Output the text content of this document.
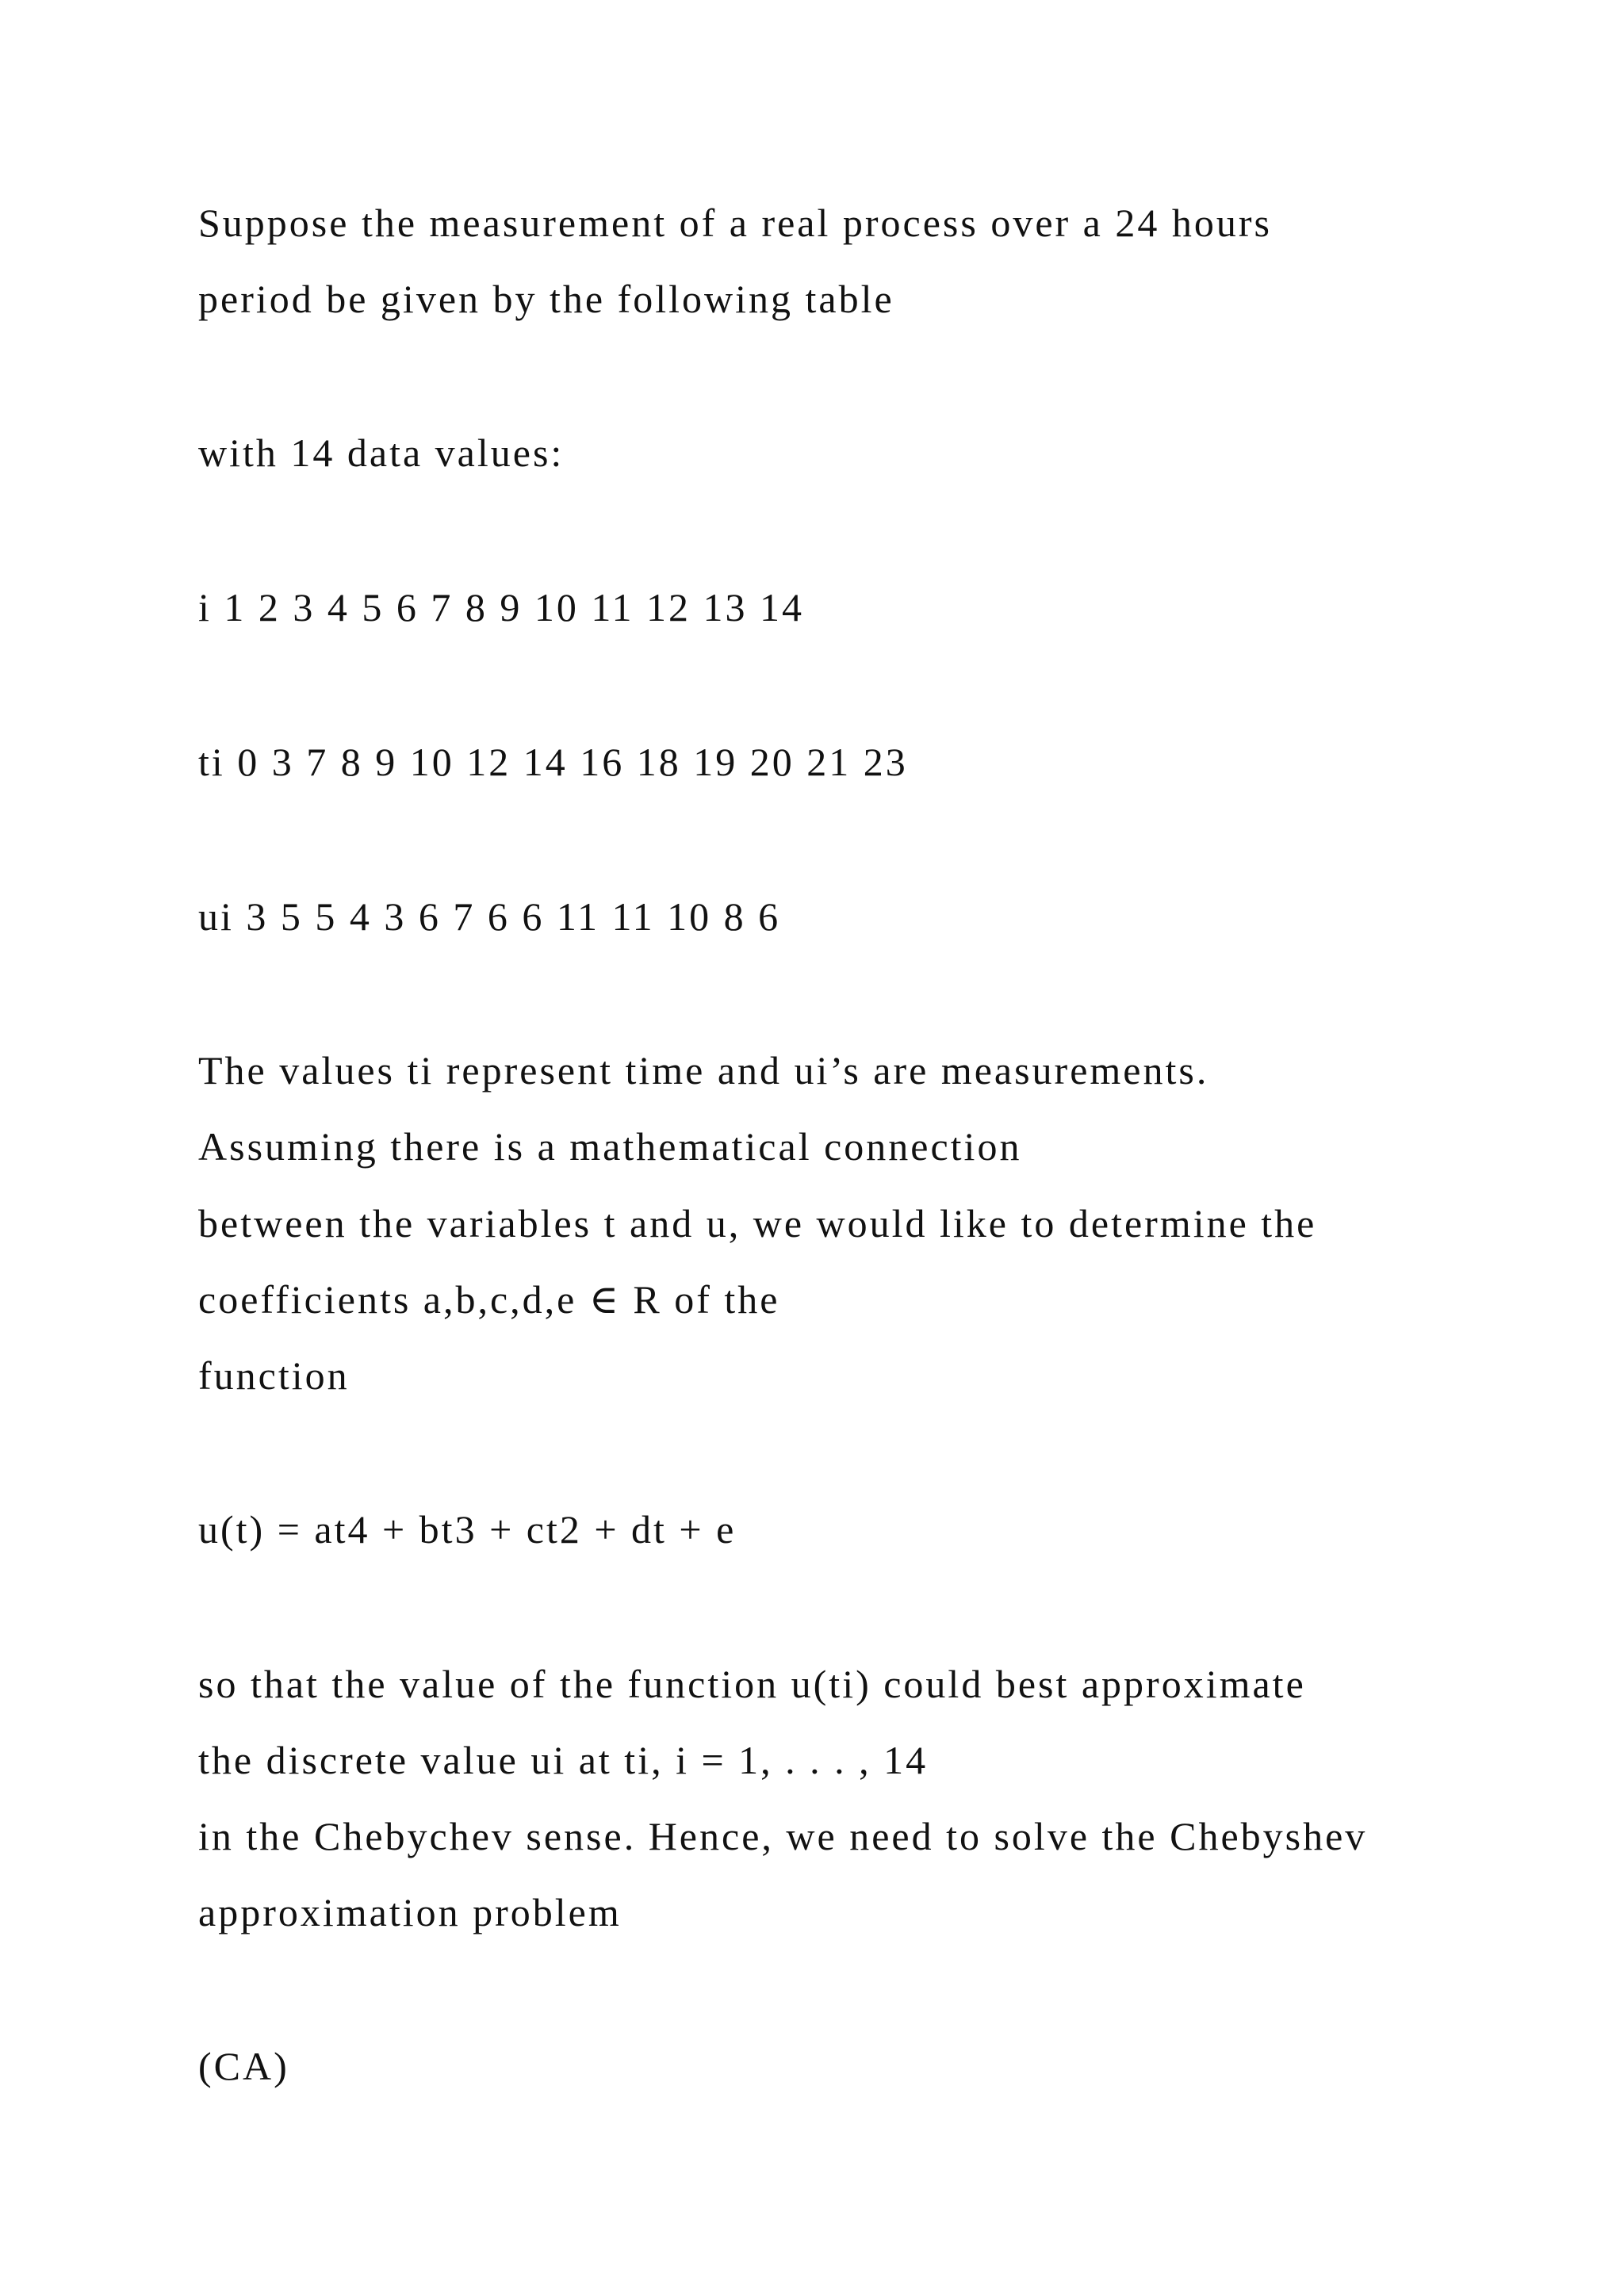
Suppose the measurement of a real process over a 24 hours
period be given by the following table
with 14 data values:
i 1 2 3 4 5 6 7 8 9 10 11 12 13 14
ti 0 3 7 8 9 10 12 14 16 18 19 20 21 23
ui 3 5 5 4 3 6 7 6 6 11 11 10 8 6
The values ti represent time and ui’s are measurements.
Assuming there is a mathematical connection
between the variables t and u, we would like to determine the
coefficients a,b,c,d,e ∈ R of the
function
u(t) = at4 + bt3 + ct2 + dt + e
so that the value of the function u(ti) could best approximate
the discrete value ui at ti, i = 1, . . . , 14
in the Chebychev sense. Hence, we need to solve the Chebyshev
approximation problem
(CA)
